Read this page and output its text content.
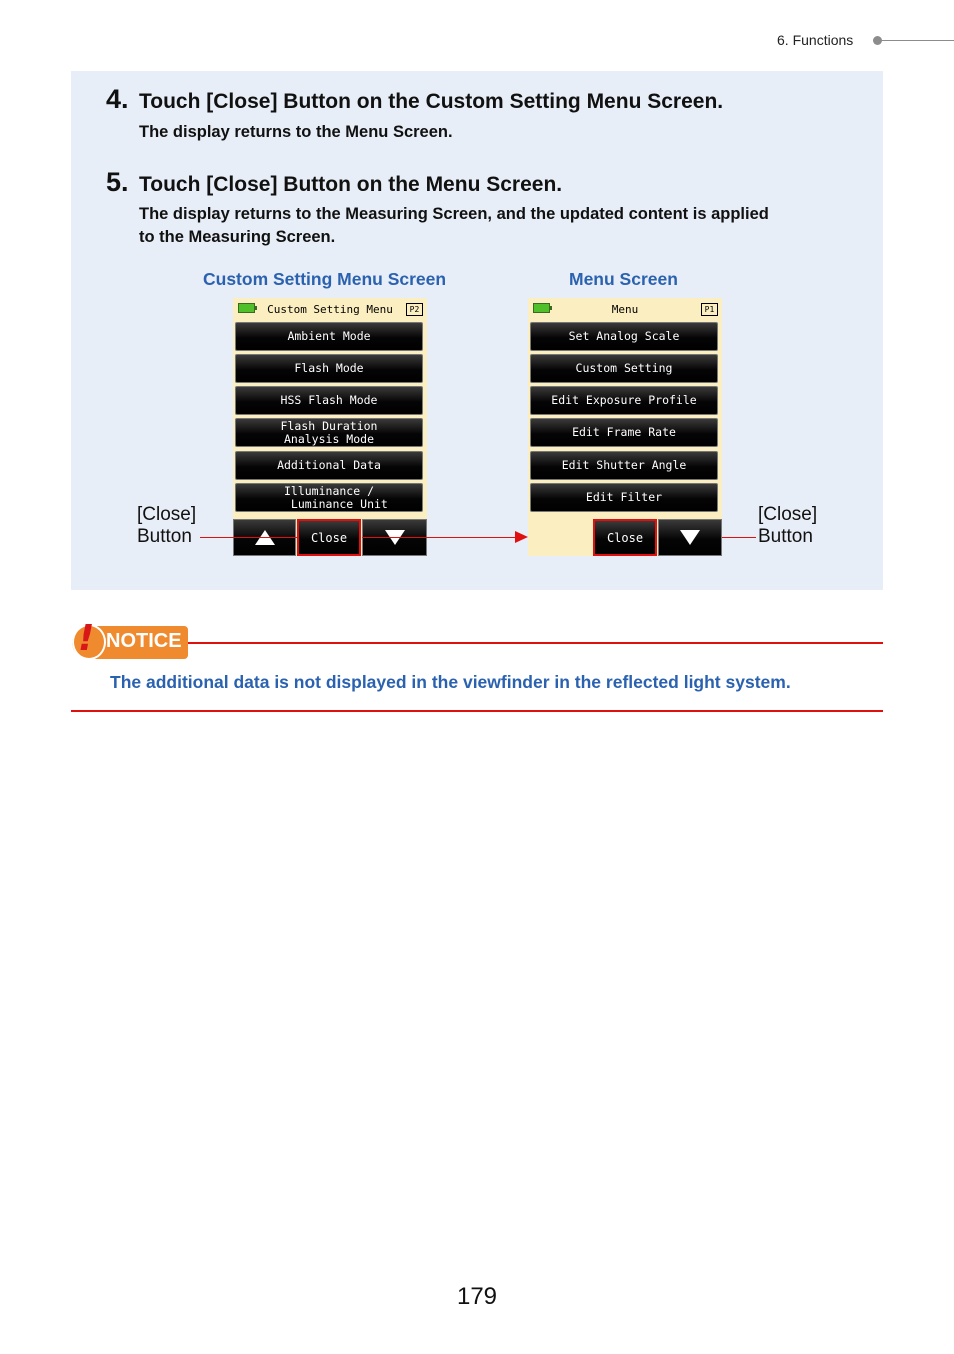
6. Functions
4. Touch [Close] Button on the Custom Setting Menu Screen.
The display returns to the Menu Screen.
5. Touch [Close] Button on the Menu Screen.
The display returns to the Measuring Screen, and the updated content is applied
to the Measuring Screen.
Custom Setting Menu Screen	Menu Screen
Custom Setting Menu	P2
Ambient Mode
Flash Mode
HSS Flash Mode
Flash Duration
Analysis Mode
Additional Data
Illuminance /
Luminance Unit
Close
Menu	P1
Set Analog Scale
Custom Setting
Edit Exposure Profile
Edit Frame Rate
Edit Shutter Angle
Edit Filter
Close
[Close]
Button
[Close]
Button
! NOTICE
The additional data is not displayed in the viewfinder in the reflected light system.
179
